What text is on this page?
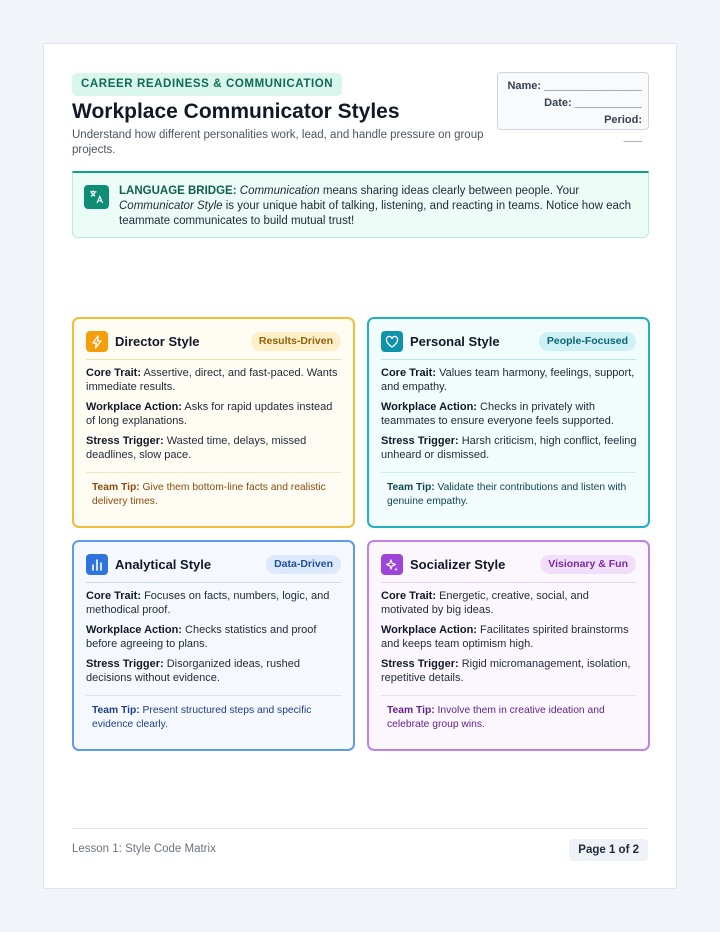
CAREER READINESS & COMMUNICATION
Workplace Communicator Styles
Understand how different personalities work, lead, and handle pressure on group projects.
Name: ________________
Date: ___________ Period:
___
LANGUAGE BRIDGE: Communication means sharing ideas clearly between people. Your Communicator Style is your unique habit of talking, listening, and reacting in teams. Notice how each teammate communicates to build mutual trust!
Director Style	Results-Driven

Core Trait: Assertive, direct, and fast-paced. Wants immediate results.

Workplace Action: Asks for rapid updates instead of long explanations.

Stress Trigger: Wasted time, delays, missed deadlines, slow pace.

Team Tip: Give them bottom-line facts and realistic delivery times.
Personal Style	People-Focused

Core Trait: Values team harmony, feelings, support, and empathy.

Workplace Action: Checks in privately with teammates to ensure everyone feels supported.

Stress Trigger: Harsh criticism, high conflict, feeling unheard or dismissed.

Team Tip: Validate their contributions and listen with genuine empathy.
Analytical Style	Data-Driven

Core Trait: Focuses on facts, numbers, logic, and methodical proof.

Workplace Action: Checks statistics and proof before agreeing to plans.

Stress Trigger: Disorganized ideas, rushed decisions without evidence.

Team Tip: Present structured steps and specific evidence clearly.
Socializer Style	Visionary & Fun

Core Trait: Energetic, creative, social, and motivated by big ideas.

Workplace Action: Facilitates spirited brainstorms and keeps team optimism high.

Stress Trigger: Rigid micromanagement, isolation, repetitive details.

Team Tip: Involve them in creative ideation and celebrate group wins.
Lesson 1: Style Code Matrix	Page 1 of 2
